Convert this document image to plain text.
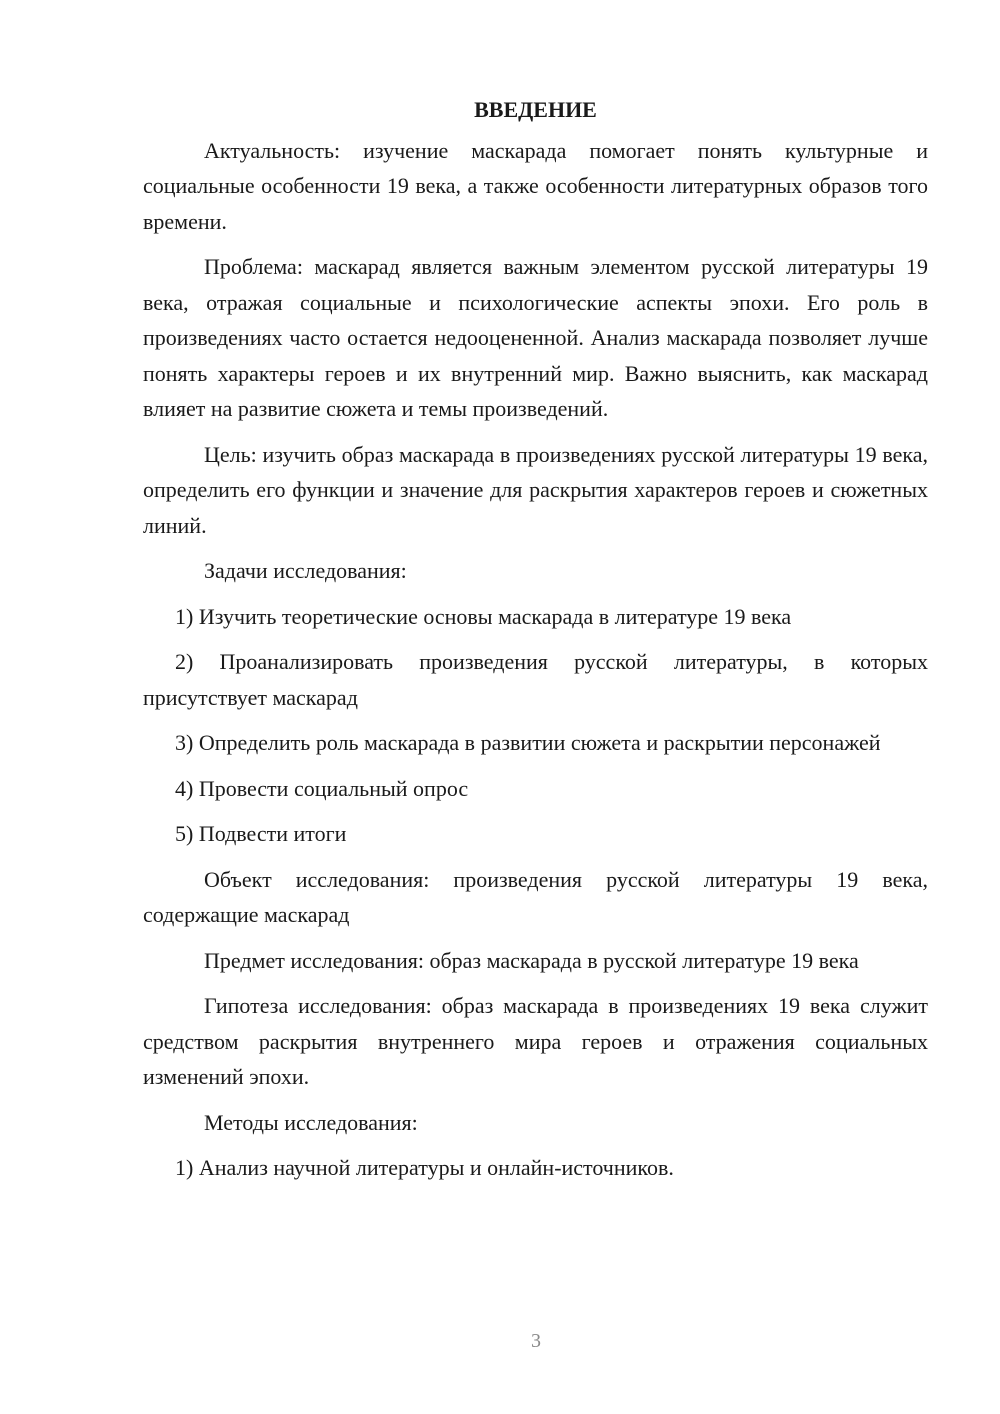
ВВЕДЕНИЕ

Актуальность: изучение маскарада помогает понять культурные и социальные особенности 19 века, а также особенности литературных образов того времени.

Проблема: маскарад является важным элементом русской литературы 19 века, отражая социальные и психологические аспекты эпохи. Его роль в произведениях часто остается недооцененной. Анализ маскарада позволяет лучше понять характеры героев и их внутренний мир. Важно выяснить, как маскарад влияет на развитие сюжета и темы произведений.

Цель: изучить образ маскарада в произведениях русской литературы 19 века, определить его функции и значение для раскрытия характеров героев и сюжетных линий.

Задачи исследования:

1) Изучить теоретические основы маскарада в литературе 19 века

2) Проанализировать произведения русской литературы, в которых присутствует маскарад

3) Определить роль маскарада в развитии сюжета и раскрытии персонажей

4) Провести социальный опрос

5) Подвести итоги

Объект исследования: произведения русской литературы 19 века, содержащие маскарад

Предмет исследования: образ маскарада в русской литературе 19 века

Гипотеза исследования: образ маскарада в произведениях 19 века служит средством раскрытия внутреннего мира героев и отражения социальных изменений эпохи.

Методы исследования:

1) Анализ научной литературы и онлайн-источников.

3
